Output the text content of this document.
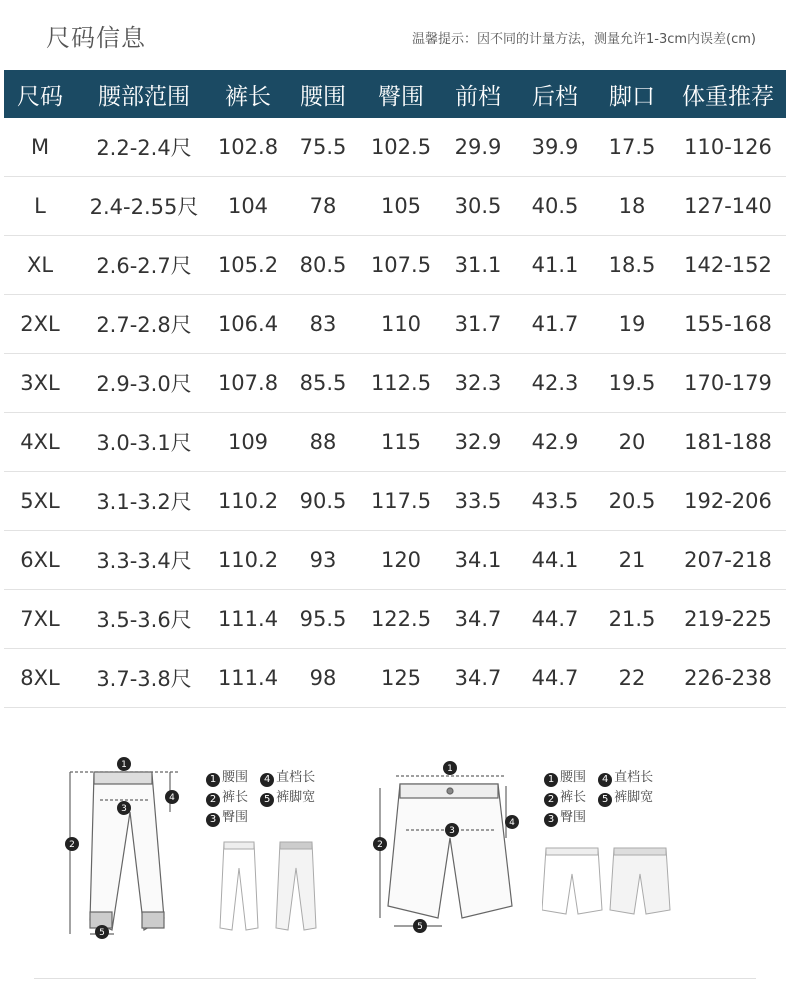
尺码信息	温馨提示：因不同的计量方法，测量允许1-3cm内误差(cm)
尺码	腰部范围	裤长	腰围	臀围	前档	后档	脚口	体重推荐
M	2.2-2.4尺	102.8	75.5	102.5	29.9	39.9	17.5	110-126
L	2.4-2.55尺	104	78	105	30.5	40.5	18	127-140
XL	2.6-2.7尺	105.2	80.5	107.5	31.1	41.1	18.5	142-152
2XL	2.7-2.8尺	106.4	83	110	31.7	41.7	19	155-168
3XL	2.9-3.0尺	107.8	85.5	112.5	32.3	42.3	19.5	170-179
4XL	3.0-3.1尺	109	88	115	32.9	42.9	20	181-188
5XL	3.1-3.2尺	110.2	90.5	117.5	33.5	43.5	20.5	192-206
6XL	3.3-3.4尺	110.2	93	120	34.1	44.1	21	207-218
7XL	3.5-3.6尺	111.4	95.5	122.5	34.7	44.7	21.5	219-225
8XL	3.7-3.8尺	111.4	98	125	34.7	44.7	22	226-238
1
2
3
4
5
1 腰围 4 直档长
2 裤长 5 裤脚宽
3 臀围
1
2
3
4
5
1 腰围 4 直档长
2 裤长 5 裤脚宽
3 臀围
